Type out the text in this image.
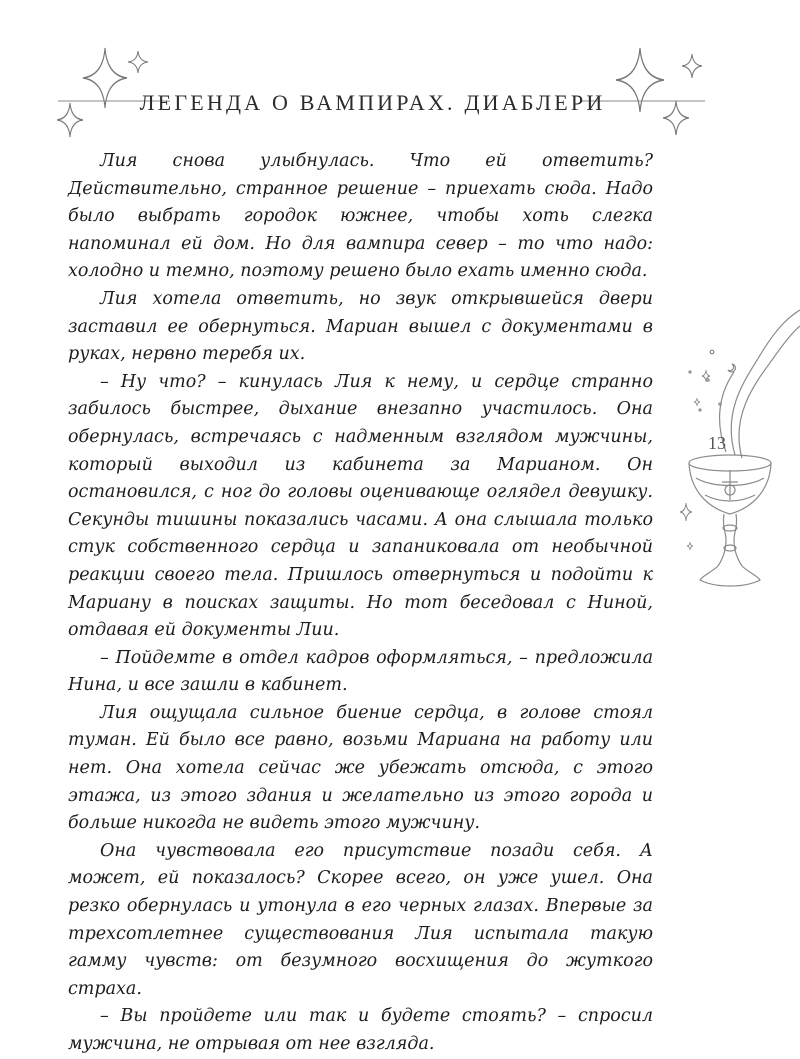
ЛЕГЕНДА О ВАМПИРАХ. ДИАБЛЕРИ

Лия снова улыбнулась. Что ей ответить? Действительно, странное решение – приехать сюда. Надо было выбрать городок южнее, чтобы хоть слегка напоминал ей дом. Но для вампира север – то что надо: холодно и темно, поэтому решено было ехать именно сюда.

Лия хотела ответить, но звук открывшейся двери заставил ее обернуться. Мариан вышел с документами в руках, нервно теребя их.

– Ну что? – кинулась Лия к нему, и сердце странно забилось быстрее, дыхание внезапно участилось. Она обернулась, встречаясь с надменным взглядом мужчины, который выходил из кабинета за Марианом. Он остановился, с ног до головы оценивающе оглядел девушку. Секунды тишины показались часами. А она слышала только стук собственного сердца и запаниковала от необычной реакции своего тела. Пришлось отвернуться и подойти к Мариану в поисках защиты. Но тот беседовал с Ниной, отдавая ей документы Лии.

– Пойдемте в отдел кадров оформляться, – предложила Нина, и все зашли в кабинет.

Лия ощущала сильное биение сердца, в голове стоял туман. Ей было все равно, возьми Мариана на работу или нет. Она хотела сейчас же убежать отсюда, с этого этажа, из этого здания и желательно из этого города и больше никогда не видеть этого мужчину.

Она чувствовала его присутствие позади себя. А может, ей показалось? Скорее всего, он уже ушел. Она резко обернулась и утонула в его черных глазах. Впервые за трехсотлетнее существования Лия испытала такую гамму чувств: от безумного восхищения до жуткого страха.

– Вы пройдете или так и будете стоять? – спросил мужчина, не отрывая от нее взгляда.

13
